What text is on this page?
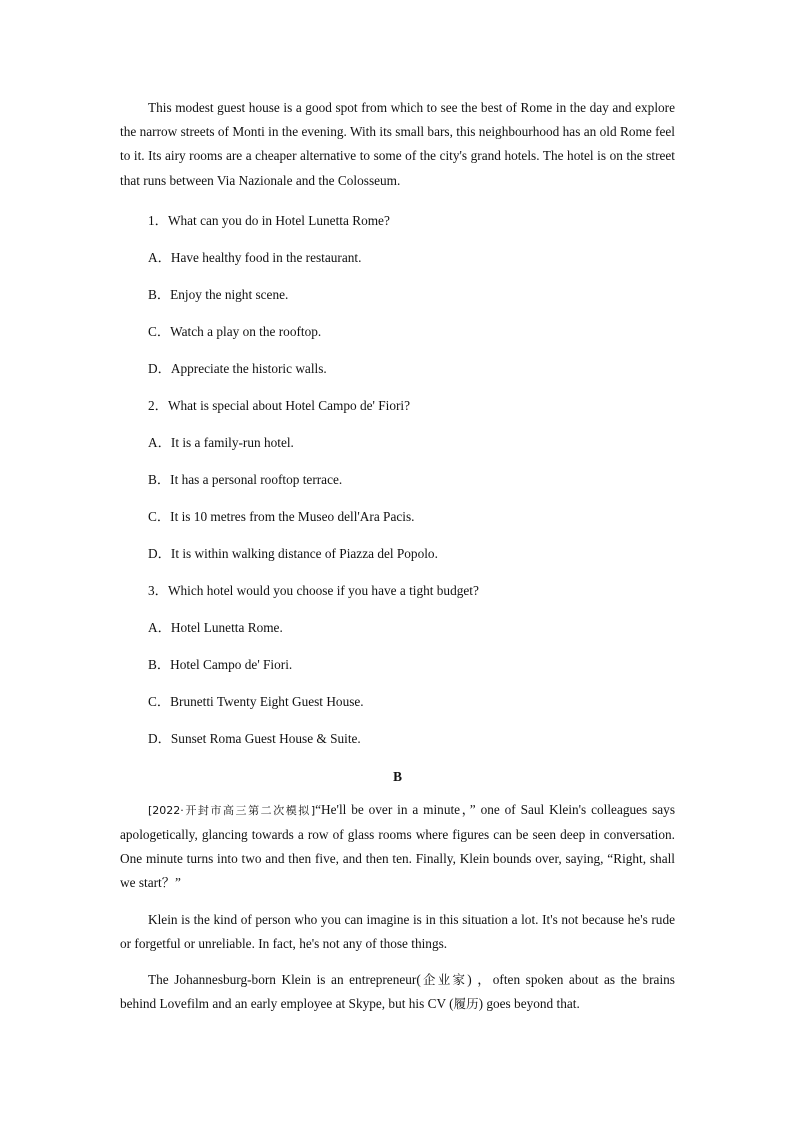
This modest guest house is a good spot from which to see the best of Rome in the day and explore the narrow streets of Monti in the evening. With its small bars, this neighbourhood has an old Rome feel to it. Its airy rooms are a cheaper alternative to some of the city's grand hotels. The hotel is on the street that runs between Via Nazionale and the Colosseum.

1．What can you do in Hotel Lunetta Rome?

A．Have healthy food in the restaurant.

B．Enjoy the night scene.

C．Watch a play on the rooftop.

D．Appreciate the historic walls.

2．What is special about Hotel Campo de' Fiori?

A．It is a family-run hotel.

B．It has a personal rooftop terrace.

C．It is 10 metres from the Museo dell'Ara Pacis.

D．It is within walking distance of Piazza del Popolo.

3．Which hotel would you choose if you have a tight budget?

A．Hotel Lunetta Rome.

B．Hotel Campo de' Fiori.

C．Brunetti Twenty Eight Guest House.

D．Sunset Roma Guest House & Suite.

B

[2022·开封市高三第二次模拟]“He'll be over in a minute，” one of Saul Klein's colleagues says apologetically, glancing towards a row of glass rooms where figures can be seen deep in conversation. One minute turns into two and then five, and then ten. Finally, Klein bounds over, saying, “Right, shall we start？”

Klein is the kind of person who you can imagine is in this situation a lot. It's not because he's rude or forgetful or unreliable. In fact, he's not any of those things.

The Johannesburg-born Klein is an entrepreneur(企业家) ，often spoken about as the brains behind Lovefilm and an early employee at Skype, but his CV (履历) goes beyond that.
